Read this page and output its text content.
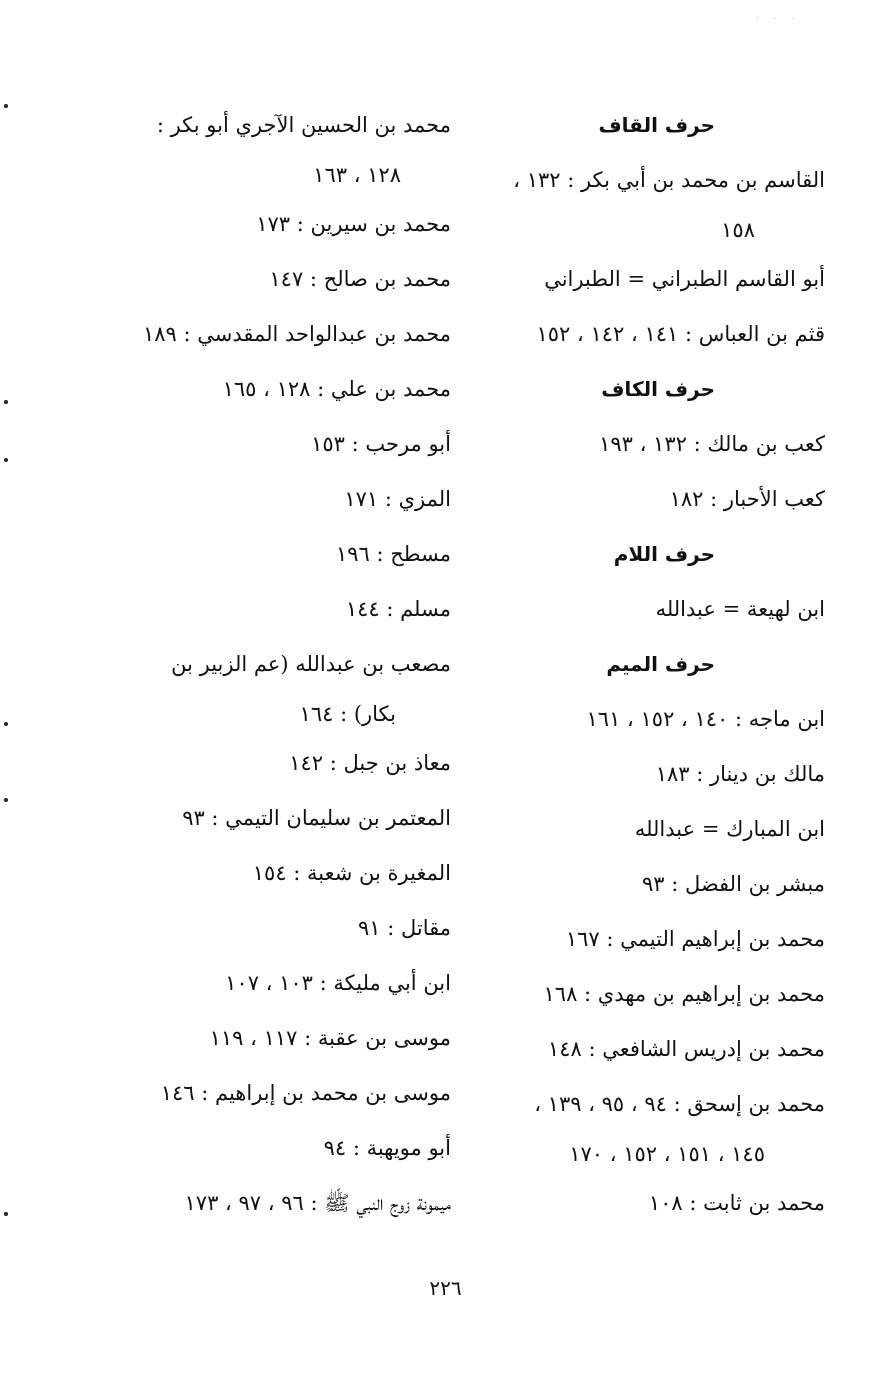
· · ·
حرف القاف
القاسم بن محمد بن أبي بكر : ١٣٢ ،
١٥٨
أبو القاسم الطبراني = الطبراني
قثم بن العباس : ١٤١ ، ١٤٢ ، ١٥٢
حرف الكاف
كعب بن مالك : ١٣٢ ، ١٩٣
كعب الأحبار : ١٨٢
حرف اللام
ابن لهيعة = عبدالله
حرف الميم
ابن ماجه : ١٤٠ ، ١٥٢ ، ١٦١
مالك بن دينار : ١٨٣
ابن المبارك = عبدالله
مبشر بن الفضل : ٩٣
محمد بن إبراهيم التيمي : ١٦٧
محمد بن إبراهيم بن مهدي : ١٦٨
محمد بن إدريس الشافعي : ١٤٨
محمد بن إسحق : ٩٤ ، ٩٥ ، ١٣٩ ،
١٤٥ ، ١٥١ ، ١٥٢ ، ١٧٠
محمد بن ثابت : ١٠٨
محمد بن الحسين الآجري أبو بكر :
١٢٨ ، ١٦٣
محمد بن سيرين : ١٧٣
محمد بن صالح : ١٤٧
محمد بن عبدالواحد المقدسي : ١٨٩
محمد بن علي : ١٢٨ ، ١٦٥
أبو مرحب : ١٥٣
المزي : ١٧١
مسطح : ١٩٦
مسلم : ١٤٤
مصعب بن عبدالله (عم الزبير بن
بكار) : ١٦٤
معاذ بن جبل : ١٤٢
المعتمر بن سليمان التيمي : ٩٣
المغيرة بن شعبة : ١٥٤
مقاتل : ٩١
ابن أبي مليكة : ١٠٣ ، ١٠٧
موسى بن عقبة : ١١٧ ، ١١٩
موسى بن محمد بن إبراهيم : ١٤٦
أبو مويهبة : ٩٤
ميمونة زوج النبي ﷺ : ٩٦ ، ٩٧ ، ١٧٣
٢٢٦
